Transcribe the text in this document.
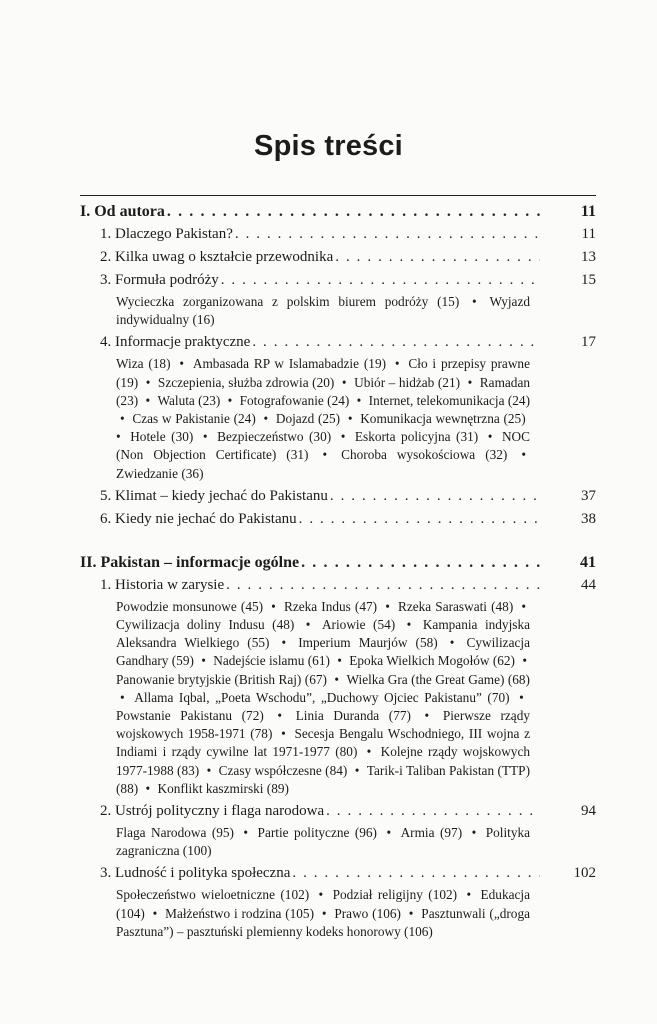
Spis treści
I. Od autora . . .	11
1. Dlaczego Pakistan? . . .	11
2. Kilka uwag o kształcie przewodnika . . .	13
3. Formuła podróży . . .	15
Wycieczka zorganizowana z polskim biurem podróży (15) • Wyjazd indywidualny (16)
4. Informacje praktyczne . . .	17
Wiza (18) • Ambasada RP w Islamabadzie (19) • Cło i przepisy prawne (19) • Szczepienia, służba zdrowia (20) • Ubiór – hidżab (21) • Ramadan (23) • Waluta (23) • Fotografowanie (24) • Internet, telekomunikacja (24) • Czas w Pakistanie (24) • Dojazd (25) • Komunikacja wewnętrzna (25) • Hotele (30) • Bezpieczeństwo (30) • Eskorta policyjna (31) • NOC (Non Objection Certificate) (31) • Choroba wysokościowa (32) • Zwiedzanie (36)
5. Klimat – kiedy jechać do Pakistanu . . .	37
6. Kiedy nie jechać do Pakistanu . . .	38
II. Pakistan – informacje ogólne . . .	41
1. Historia w zarysie . . .	44
Powodzie monsunowe (45) • Rzeka Indus (47) • Rzeka Saraswati (48) • Cywilizacja doliny Indusu (48) • Ariowie (54) • Kampania indyjska Aleksandra Wielkiego (55) • Imperium Maurjów (58) • Cywilizacja Gandhary (59) • Nadejście islamu (61) • Epoka Wielkich Mogołów (62) • Panowanie brytyjskie (British Raj) (67) • Wielka Gra (the Great Game) (68) • Allama Iqbal, „Poeta Wschodu”, „Duchowy Ojciec Pakistanu” (70) • Powstanie Pakistanu (72) • Linia Duranda (77) • Pierwsze rządy wojskowych 1958-1971 (78) • Secesja Bengalu Wschodniego, III wojna z Indiami i rządy cywilne lat 1971-1977 (80) • Kolejne rządy wojskowych 1977-1988 (83) • Czasy współczesne (84) • Tarik-i Taliban Pakistan (TTP) (88) • Konflikt kaszmirski (89)
2. Ustrój polityczny i flaga narodowa . . .	94
Flaga Narodowa (95) • Partie polityczne (96) • Armia (97) • Polityka zagraniczna (100)
3. Ludność i polityka społeczna . . .	102
Społeczeństwo wieloetniczne (102) • Podział religijny (102) • Edukacja (104) • Małżeństwo i rodzina (105) • Prawo (106) • Pasztunwali („droga Pasztuna”) – pasztuński plemienny kodeks honorowy (106)
